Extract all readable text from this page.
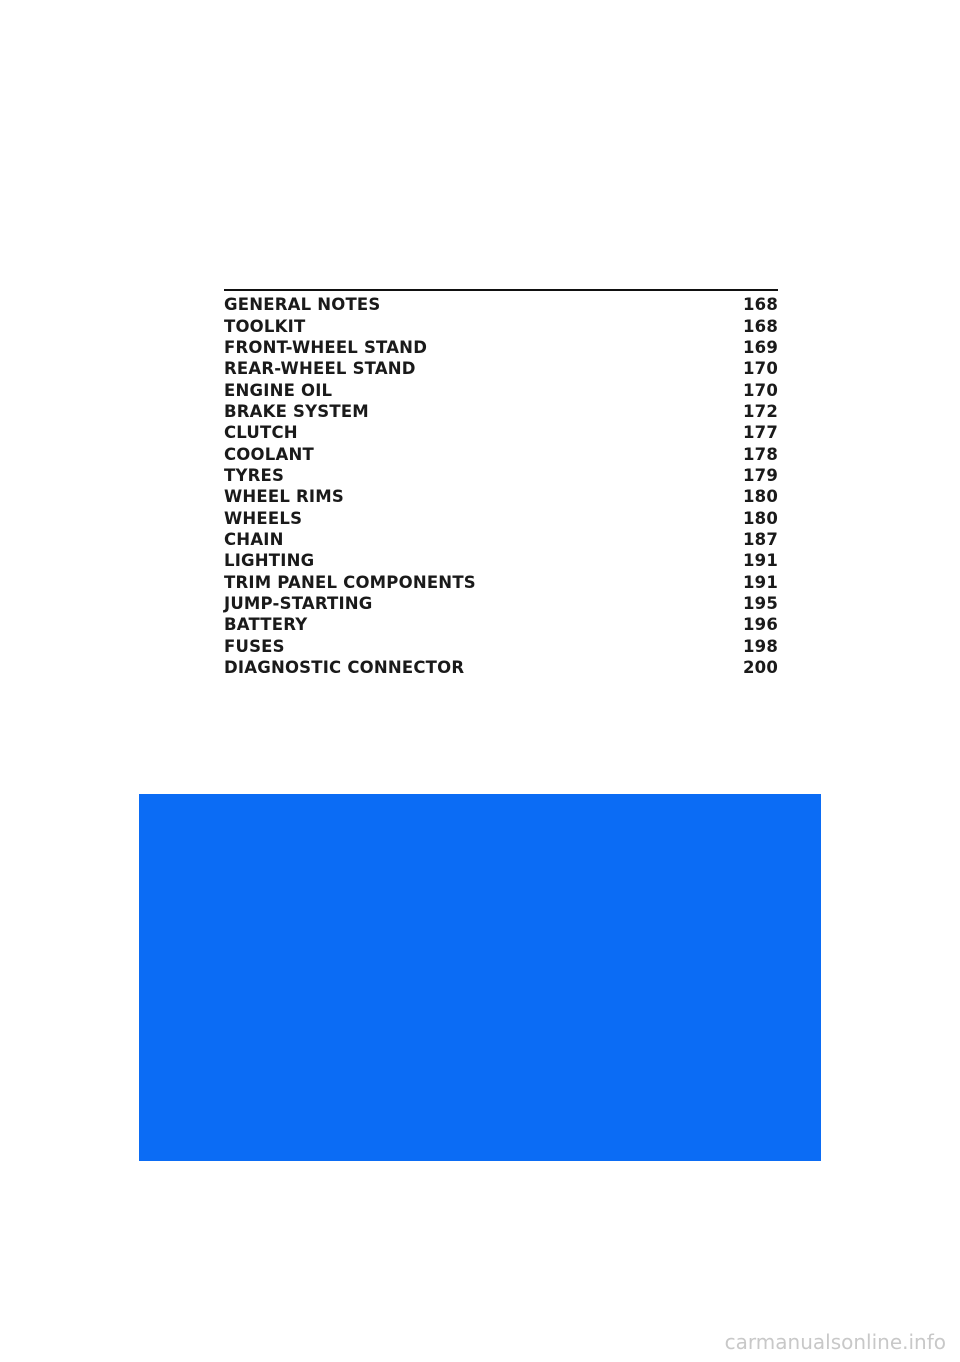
GENERAL NOTES	168
TOOLKIT	168
FRONT-WHEEL STAND	169
REAR-WHEEL STAND	170
ENGINE OIL	170
BRAKE SYSTEM	172
CLUTCH	177
COOLANT	178
TYRES	179
WHEEL RIMS	180
WHEELS	180
CHAIN	187
LIGHTING	191
TRIM PANEL COMPONENTS	191
JUMP-STARTING	195
BATTERY	196
FUSES	198
DIAGNOSTIC CONNECTOR	200
carmanualsonline.info
